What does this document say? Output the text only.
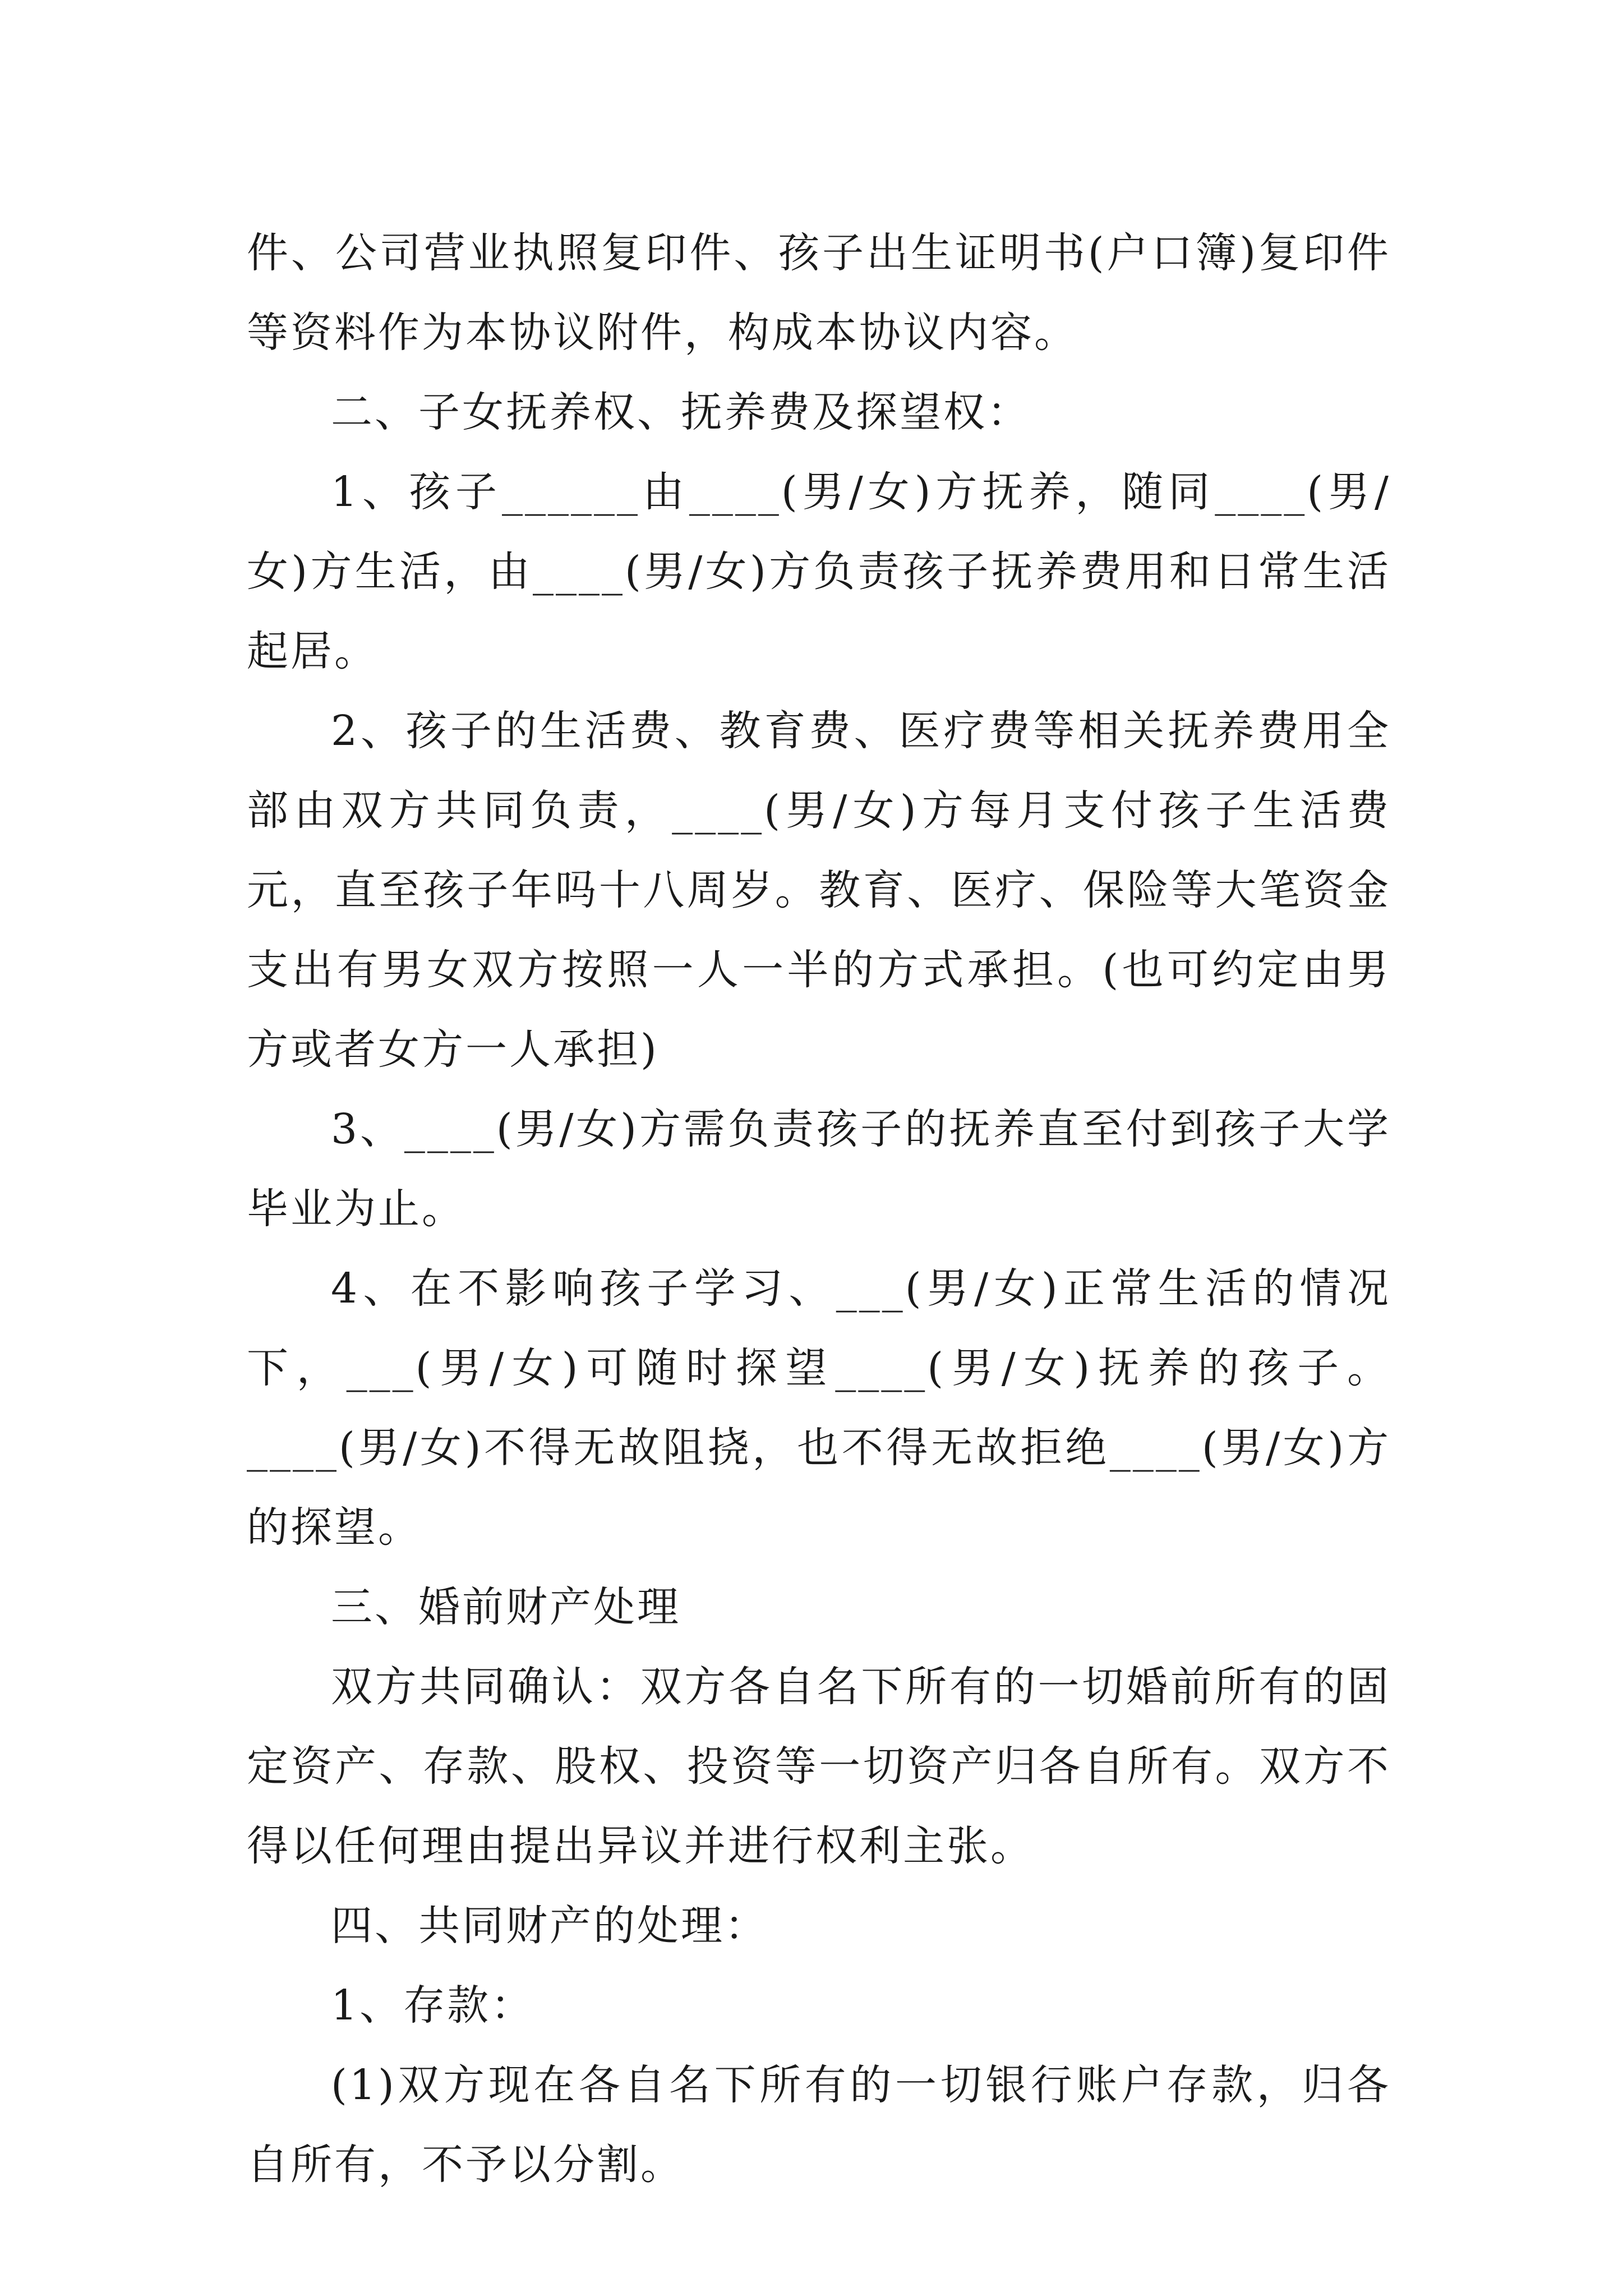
件、公司营业执照复印件、孩子出生证明书(户口簿)复印件等资料作为本协议附件，构成本协议内容。

二、子女抚养权、抚养费及探望权：

1、孩子______由____(男/女)方抚养，随同____(男/女)方生活，由____(男/女)方负责孩子抚养费用和日常生活起居。

2、孩子的生活费、教育费、医疗费等相关抚养费用全部由双方共同负责，____(男/女)方每月支付孩子生活费元，直至孩子年吗十八周岁。教育、医疗、保险等大笔资金支出有男女双方按照一人一半的方式承担。(也可约定由男方或者女方一人承担)

3、____(男/女)方需负责孩子的抚养直至付到孩子大学毕业为止。

4、在不影响孩子学习、___(男/女)正常生活的情况下，___(男/女)可随时探望____(男/女)抚养的孩子。____(男/女)不得无故阻挠，也不得无故拒绝____(男/女)方的探望。

三、婚前财产处理

双方共同确认：双方各自名下所有的一切婚前所有的固定资产、存款、股权、投资等一切资产归各自所有。双方不得以任何理由提出异议并进行权利主张。

四、共同财产的处理：

1、存款：

(1)双方现在各自名下所有的一切银行账户存款，归各自所有，不予以分割。
